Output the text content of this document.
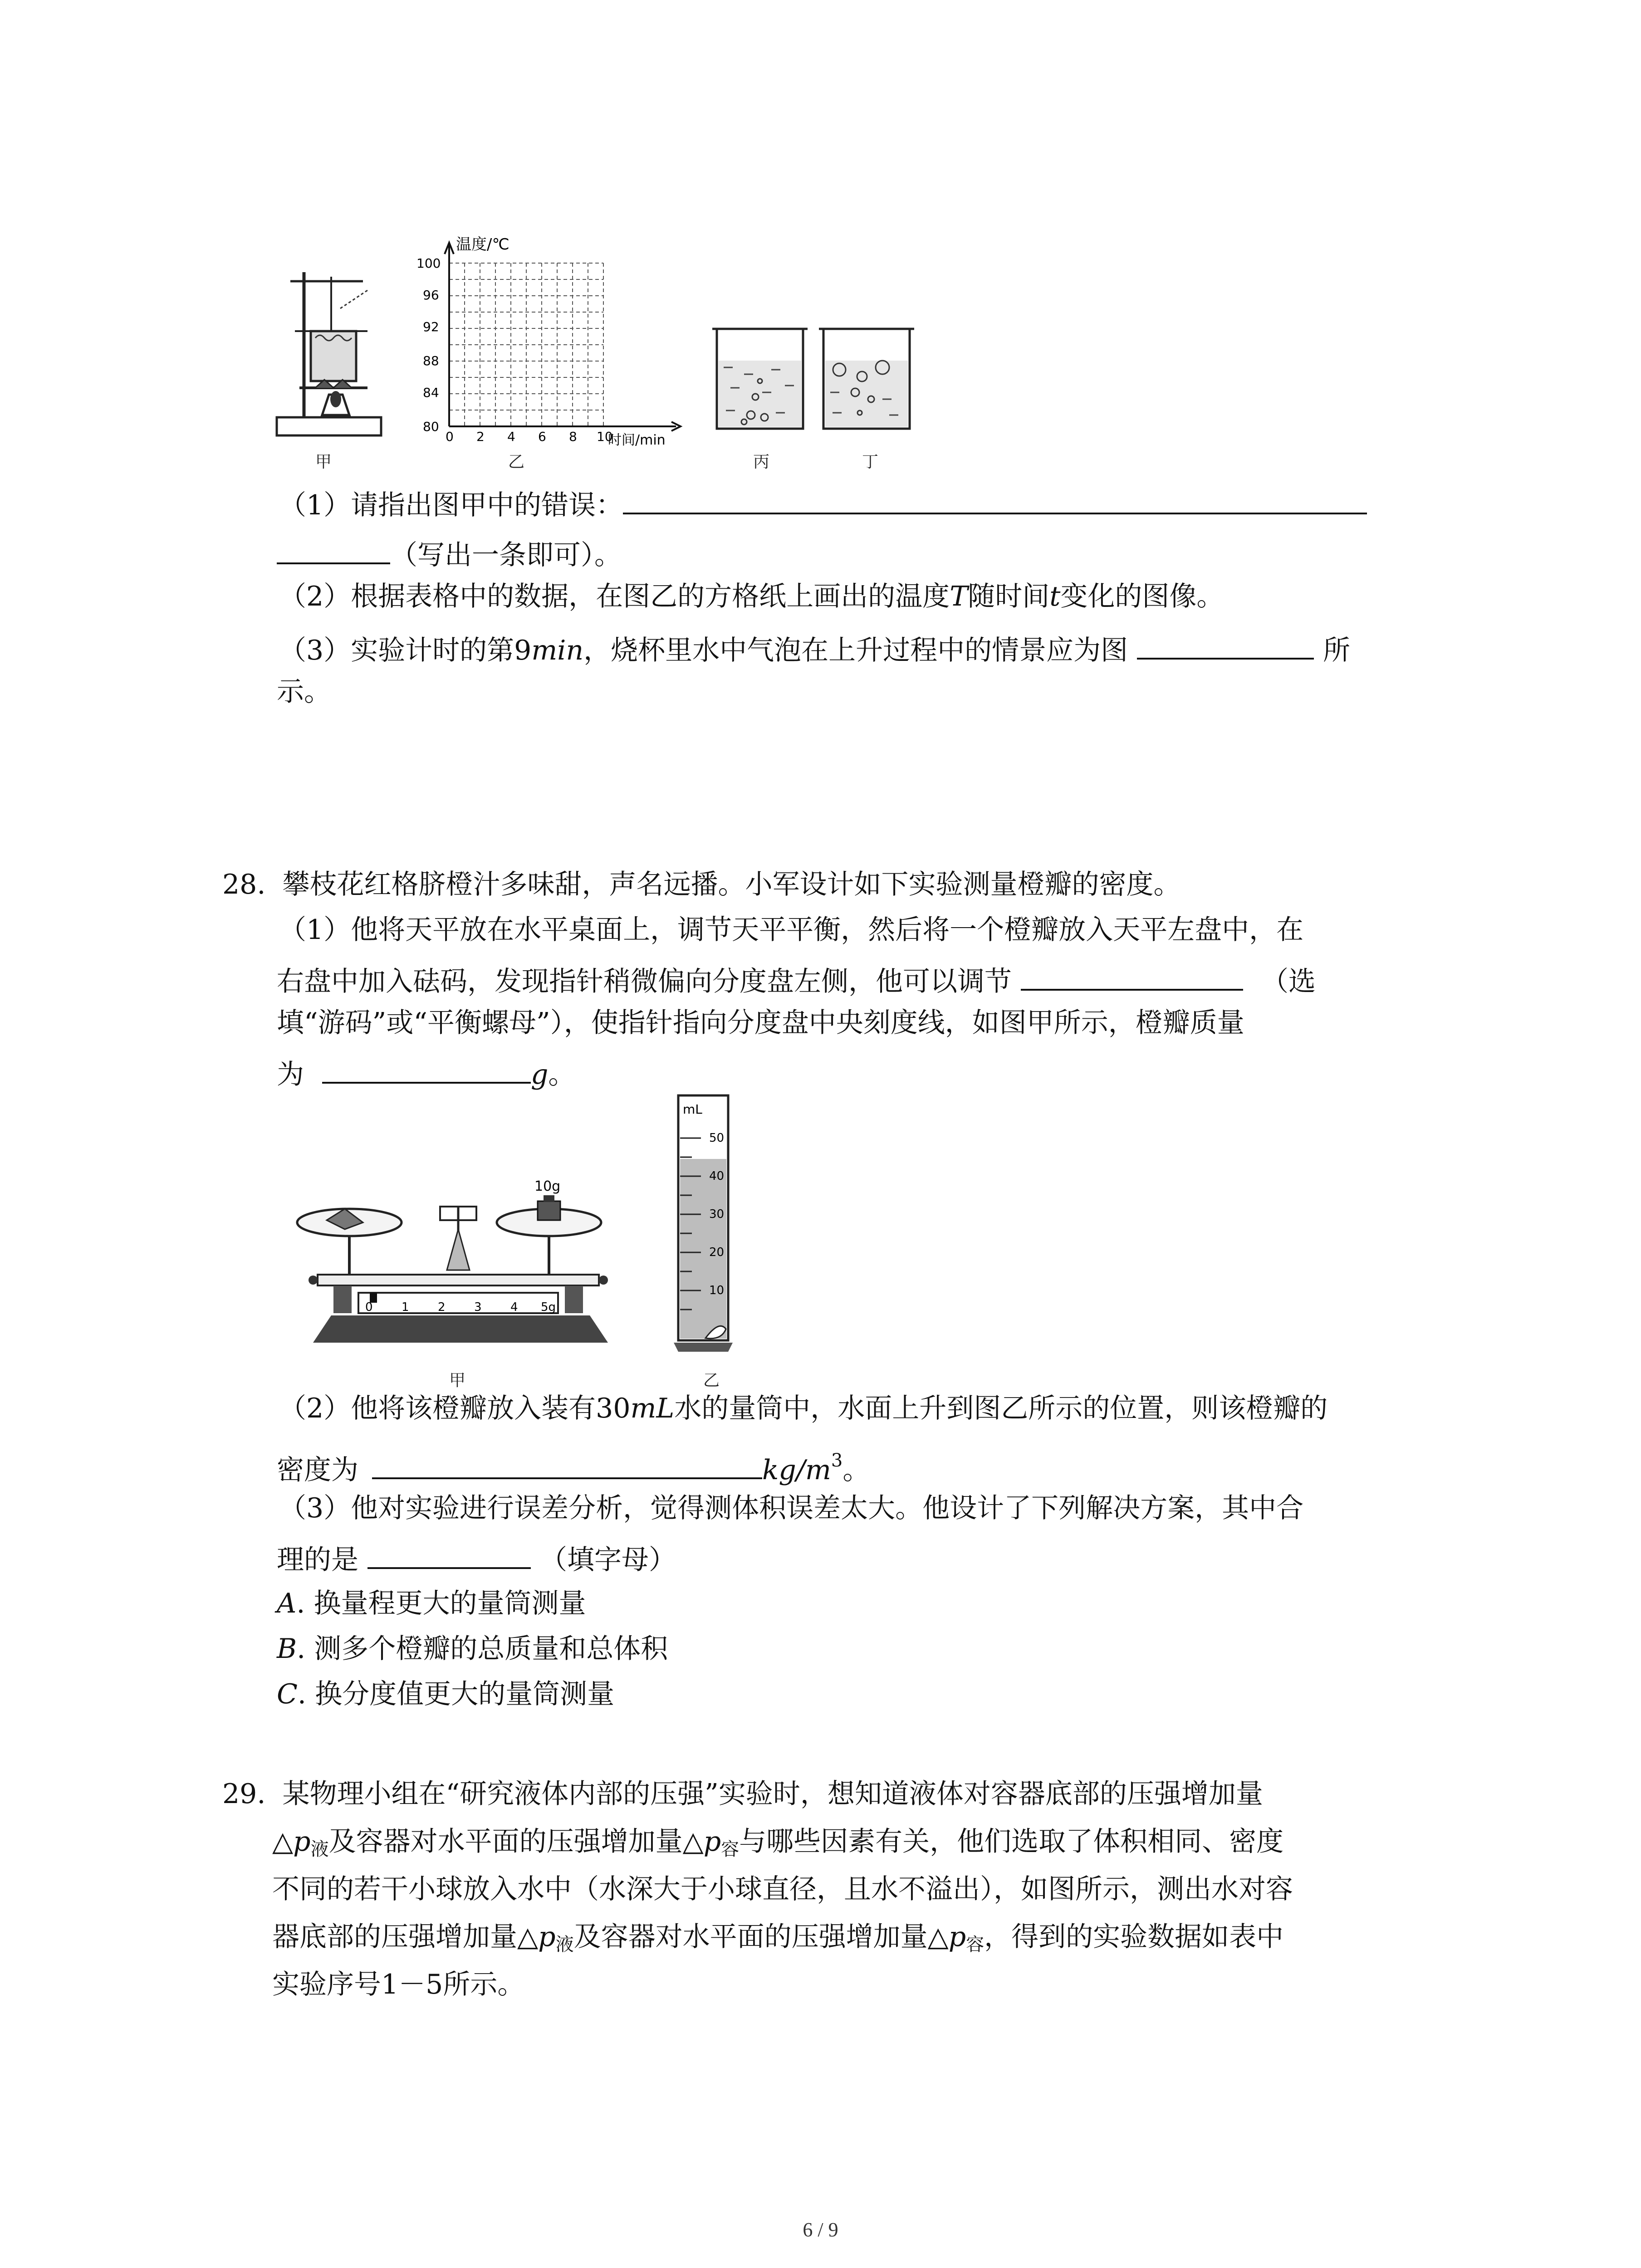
甲
温度/℃
时间/min
100
96
92
88
84
80
0 2 4 6 8 10
乙	丙	丁
（1）请指出图甲中的错误：
（写出一条即可）。
（2）根据表格中的数据，在图乙的方格纸上画出的温度T随时间t变化的图像。
（3）实验计时的第9min，烧杯里水中气泡在上升过程中的情景应为图	所
示。
28. 攀枝花红格脐橙汁多味甜，声名远播。小军设计如下实验测量橙瓣的密度。
（1）他将天平放在水平桌面上，调节天平平衡，然后将一个橙瓣放入天平左盘中，在
右盘中加入砝码，发现指针稍微偏向分度盘左侧，他可以调节	（选
填“游码”或“平衡螺母”），使指针指向分度盘中央刻度线，如图甲所示，橙瓣质量
为	g。
10g
0 1 2 3 4 5g
甲
mL
50
40
30
20
10
乙
（2）他将该橙瓣放入装有30mL水的量筒中，水面上升到图乙所示的位置，则该橙瓣的
密度为	$kg/m^3$。
（3）他对实验进行误差分析，觉得测体积误差太大。他设计了下列解决方案，其中合
理的是	（填字母）
A. 换量程更大的量筒测量
B. 测多个橙瓣的总质量和总体积
C. 换分度值更大的量筒测量
29. 某物理小组在“研究液体内部的压强”实验时，想知道液体对容器底部的压强增加量
$\triangle p_液$及容器对水平面的压强增加量$\triangle p_容$与哪些因素有关，他们选取了体积相同、密度
不同的若干小球放入水中（水深大于小球直径，且水不溢出），如图所示，测出水对容
器底部的压强增加量$\triangle p_液$及容器对水平面的压强增加量$\triangle p_容$，得到的实验数据如表中
实验序号1－5所示。
6 / 9
